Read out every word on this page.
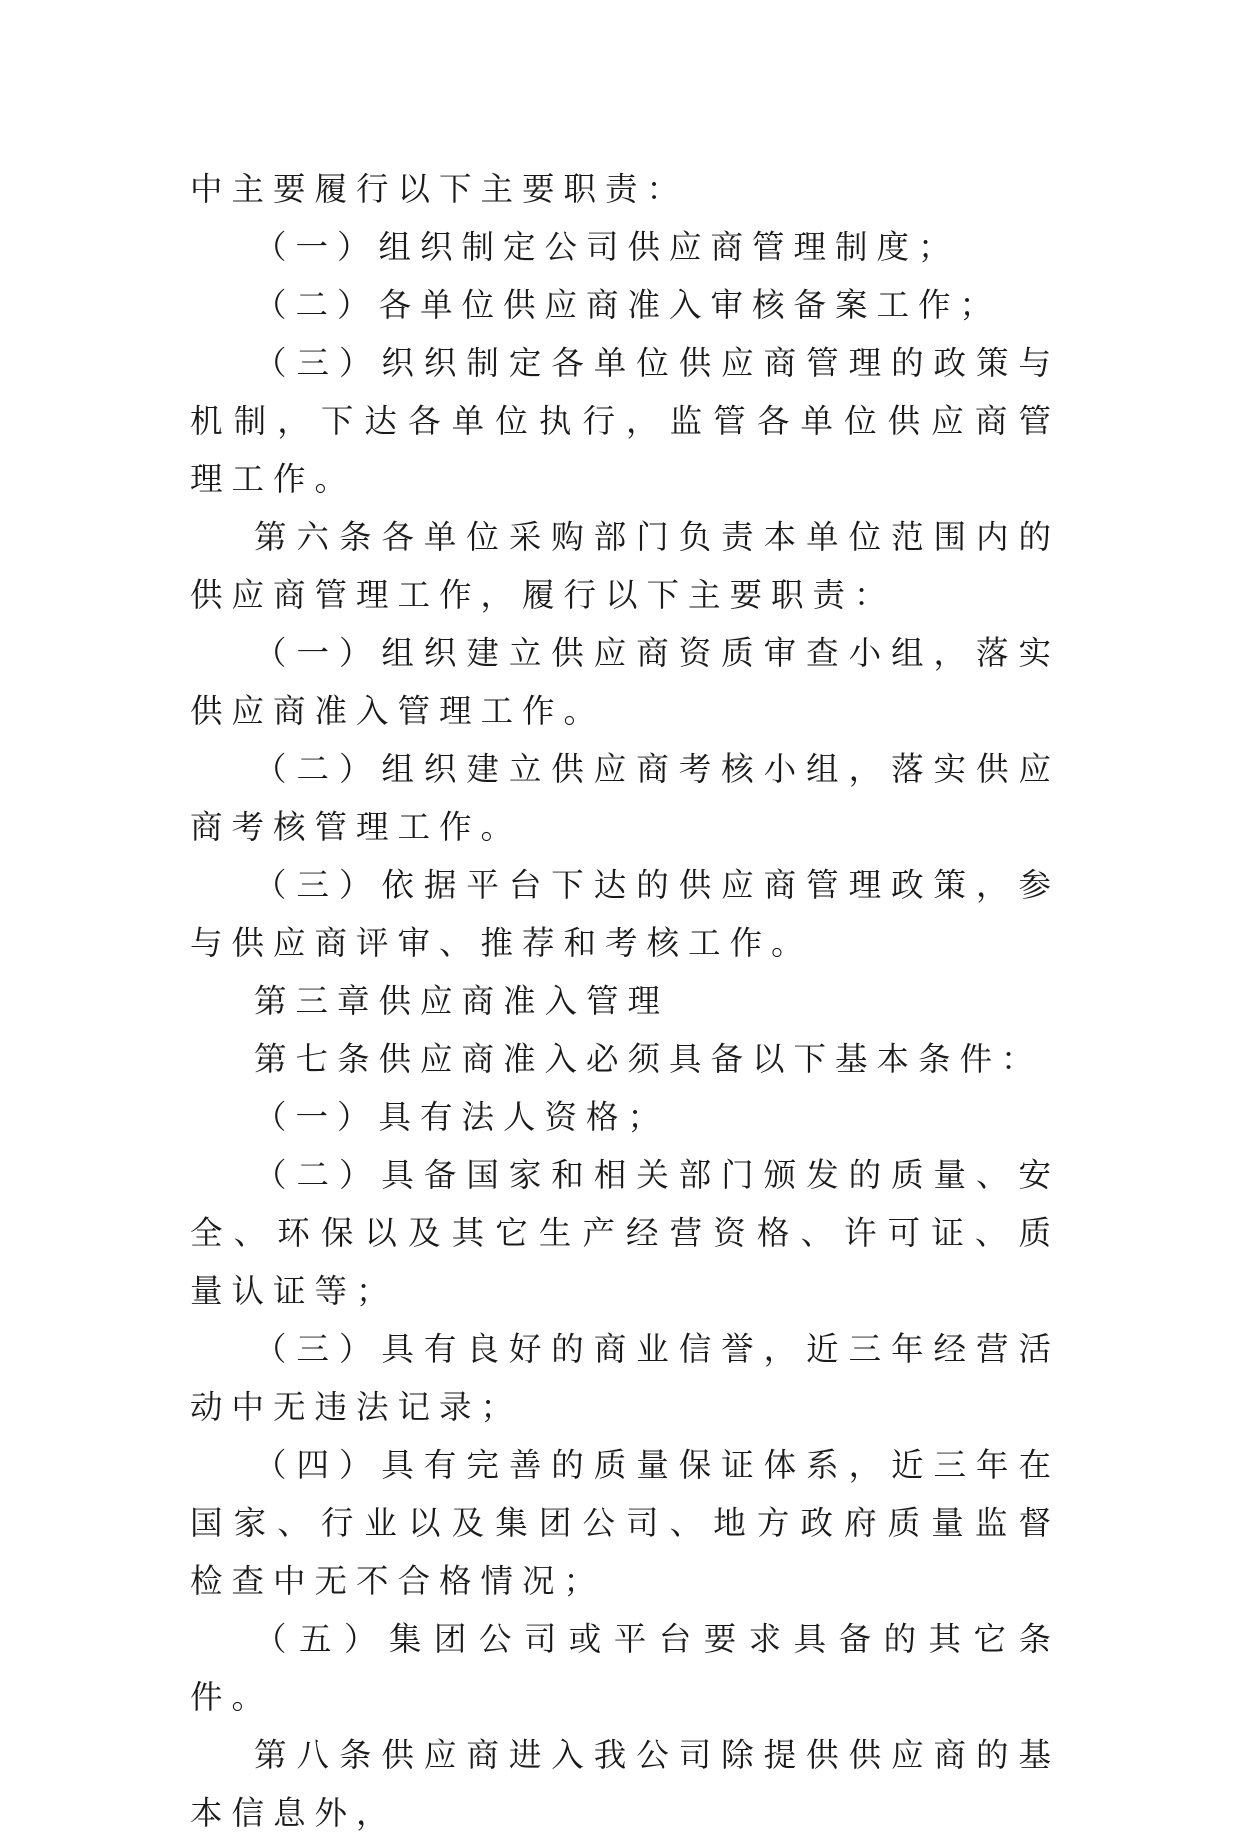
中主要履行以下主要职责：

（一）组织制定公司供应商管理制度；

（二）各单位供应商准入审核备案工作；

（三）织织制定各单位供应商管理的政策与机制，下达各单位执行，监管各单位供应商管理工作。

第六条各单位采购部门负责本单位范围内的供应商管理工作，履行以下主要职责：

（一）组织建立供应商资质审查小组，落实供应商准入管理工作。

（二）组织建立供应商考核小组，落实供应商考核管理工作。

（三）依据平台下达的供应商管理政策，参与供应商评审、推荐和考核工作。

第三章供应商准入管理

第七条供应商准入必须具备以下基本条件：

（一）具有法人资格；

（二）具备国家和相关部门颁发的质量、安全、环保以及其它生产经营资格、许可证、质量认证等；

（三）具有良好的商业信誉，近三年经营活动中无违法记录；

（四）具有完善的质量保证体系，近三年在国家、行业以及集团公司、地方政府质量监督检查中无不合格情况；

（五）集团公司或平台要求具备的其它条件。

第八条供应商进入我公司除提供供应商的基本信息外，
